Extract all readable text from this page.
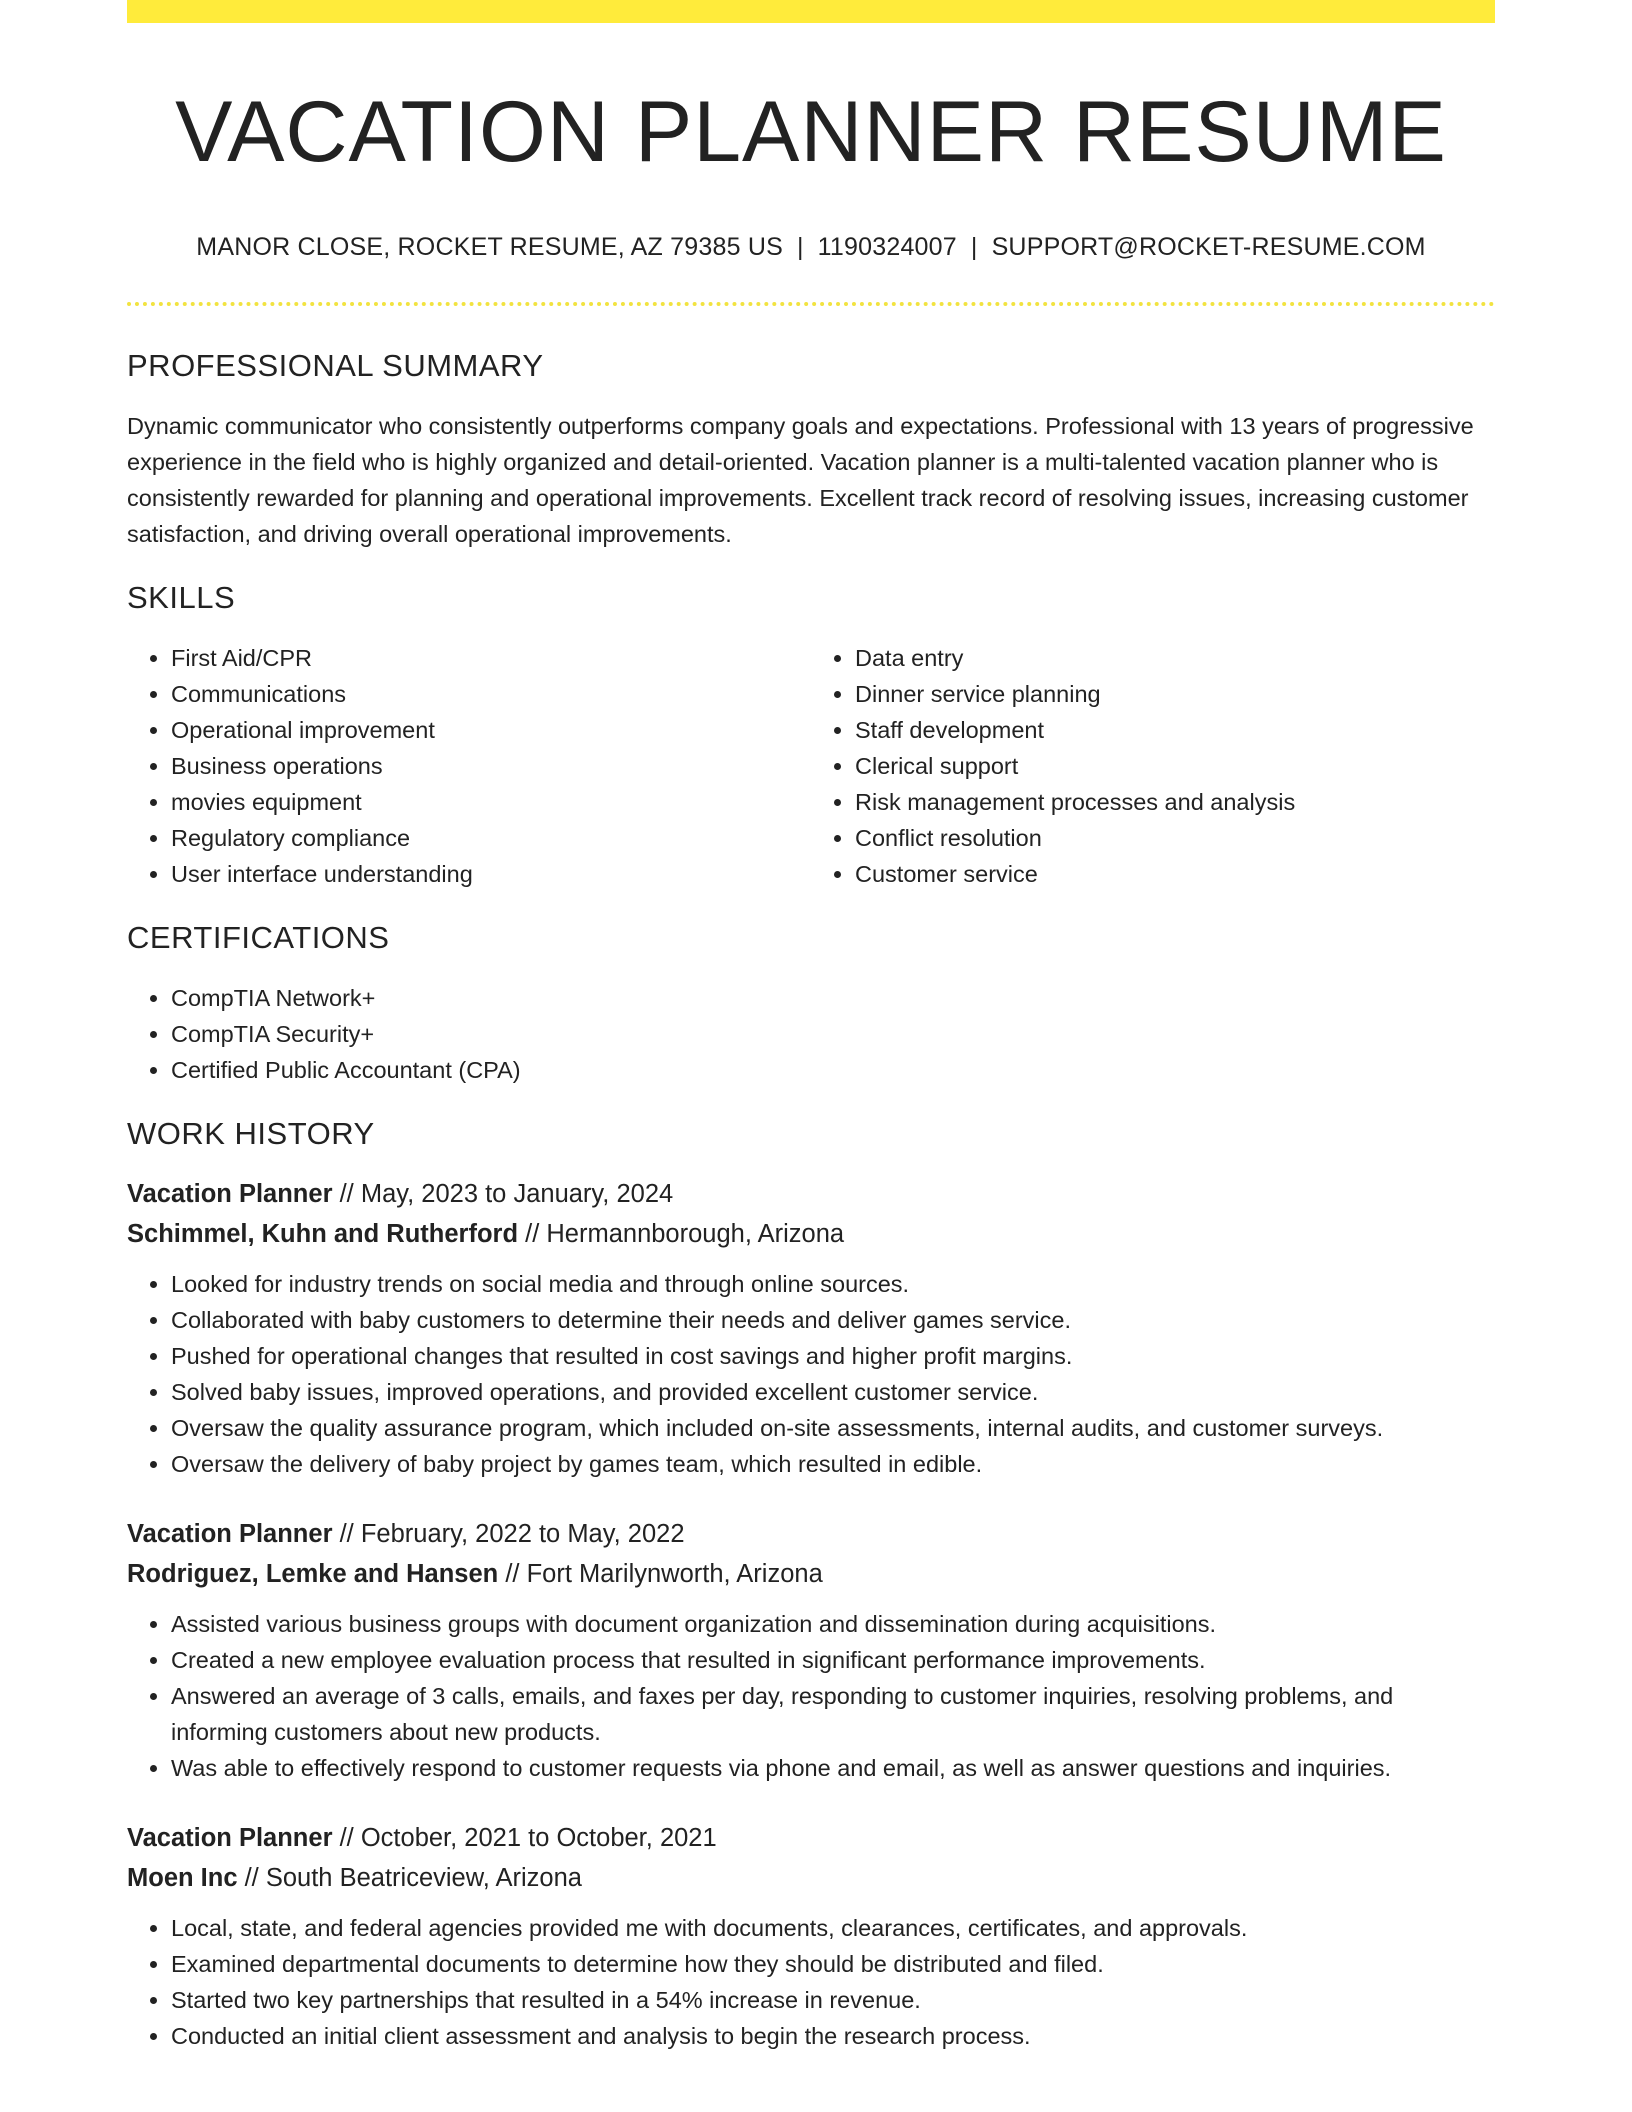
VACATION PLANNER RESUME
MANOR CLOSE, ROCKET RESUME, AZ 79385 US | 1190324007 | SUPPORT@ROCKET-RESUME.COM
PROFESSIONAL SUMMARY
Dynamic communicator who consistently outperforms company goals and expectations. Professional with 13 years of progressive experience in the field who is highly organized and detail-oriented. Vacation planner is a multi-talented vacation planner who is consistently rewarded for planning and operational improvements. Excellent track record of resolving issues, increasing customer satisfaction, and driving overall operational improvements.
SKILLS
• First Aid/CPR
• Communications
• Operational improvement
• Business operations
• movies equipment
• Regulatory compliance
• User interface understanding
• Data entry
• Dinner service planning
• Staff development
• Clerical support
• Risk management processes and analysis
• Conflict resolution
• Customer service
CERTIFICATIONS
• CompTIA Network+
• CompTIA Security+
• Certified Public Accountant (CPA)
WORK HISTORY
Vacation Planner // May, 2023 to January, 2024
Schimmel, Kuhn and Rutherford // Hermannborough, Arizona
• Looked for industry trends on social media and through online sources.
• Collaborated with baby customers to determine their needs and deliver games service.
• Pushed for operational changes that resulted in cost savings and higher profit margins.
• Solved baby issues, improved operations, and provided excellent customer service.
• Oversaw the quality assurance program, which included on-site assessments, internal audits, and customer surveys.
• Oversaw the delivery of baby project by games team, which resulted in edible.
Vacation Planner // February, 2022 to May, 2022
Rodriguez, Lemke and Hansen // Fort Marilynworth, Arizona
• Assisted various business groups with document organization and dissemination during acquisitions.
• Created a new employee evaluation process that resulted in significant performance improvements.
• Answered an average of 3 calls, emails, and faxes per day, responding to customer inquiries, resolving problems, and informing customers about new products.
• Was able to effectively respond to customer requests via phone and email, as well as answer questions and inquiries.
Vacation Planner // October, 2021 to October, 2021
Moen Inc // South Beatriceview, Arizona
• Local, state, and federal agencies provided me with documents, clearances, certificates, and approvals.
• Examined departmental documents to determine how they should be distributed and filed.
• Started two key partnerships that resulted in a 54% increase in revenue.
• Conducted an initial client assessment and analysis to begin the research process.
